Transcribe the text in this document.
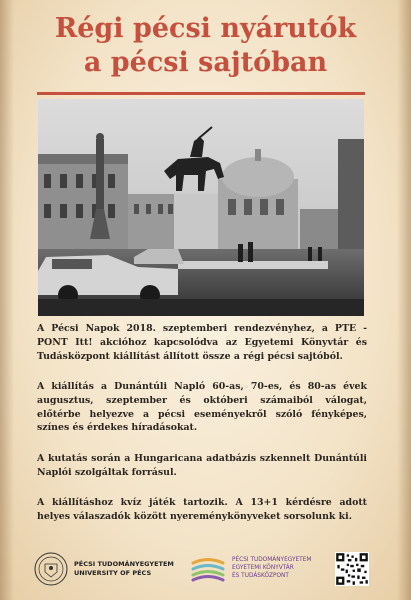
Régi pécsi nyárutók
a pécsi sajtóban
A Pécsi Napok 2018. szeptemberi rendezvényhez, a PTE - PONT Itt! akcióhoz kapcsolódva az Egyetemi Könyvtár és Tudásközpont kiállítást állított össze a régi pécsi sajtóból.
A kiállítás a Dunántúli Napló 60-as, 70-es, és 80-as évek augusztus, szeptember és októberi számaiból válogat, előtérbe helyezve a pécsi eseményekről szóló fényképes, színes és érdekes híradásokat.
A kutatás során a Hungaricana adatbázis szkennelt Dunántúli Naplói szolgáltak forrásul.
A kiállításhoz kvíz játék tartozik. A 13+1 kérdésre adott helyes válaszadók között nyereménykönyveket sorsolunk ki.
PÉCSI TUDOMÁNYEGYETEM
UNIVERSITY OF PÉCS
PÉCSI TUDOMÁNYEGYETEM
EGYETEMI KÖNYVTÁR
ÉS TUDÁSKÖZPONT
